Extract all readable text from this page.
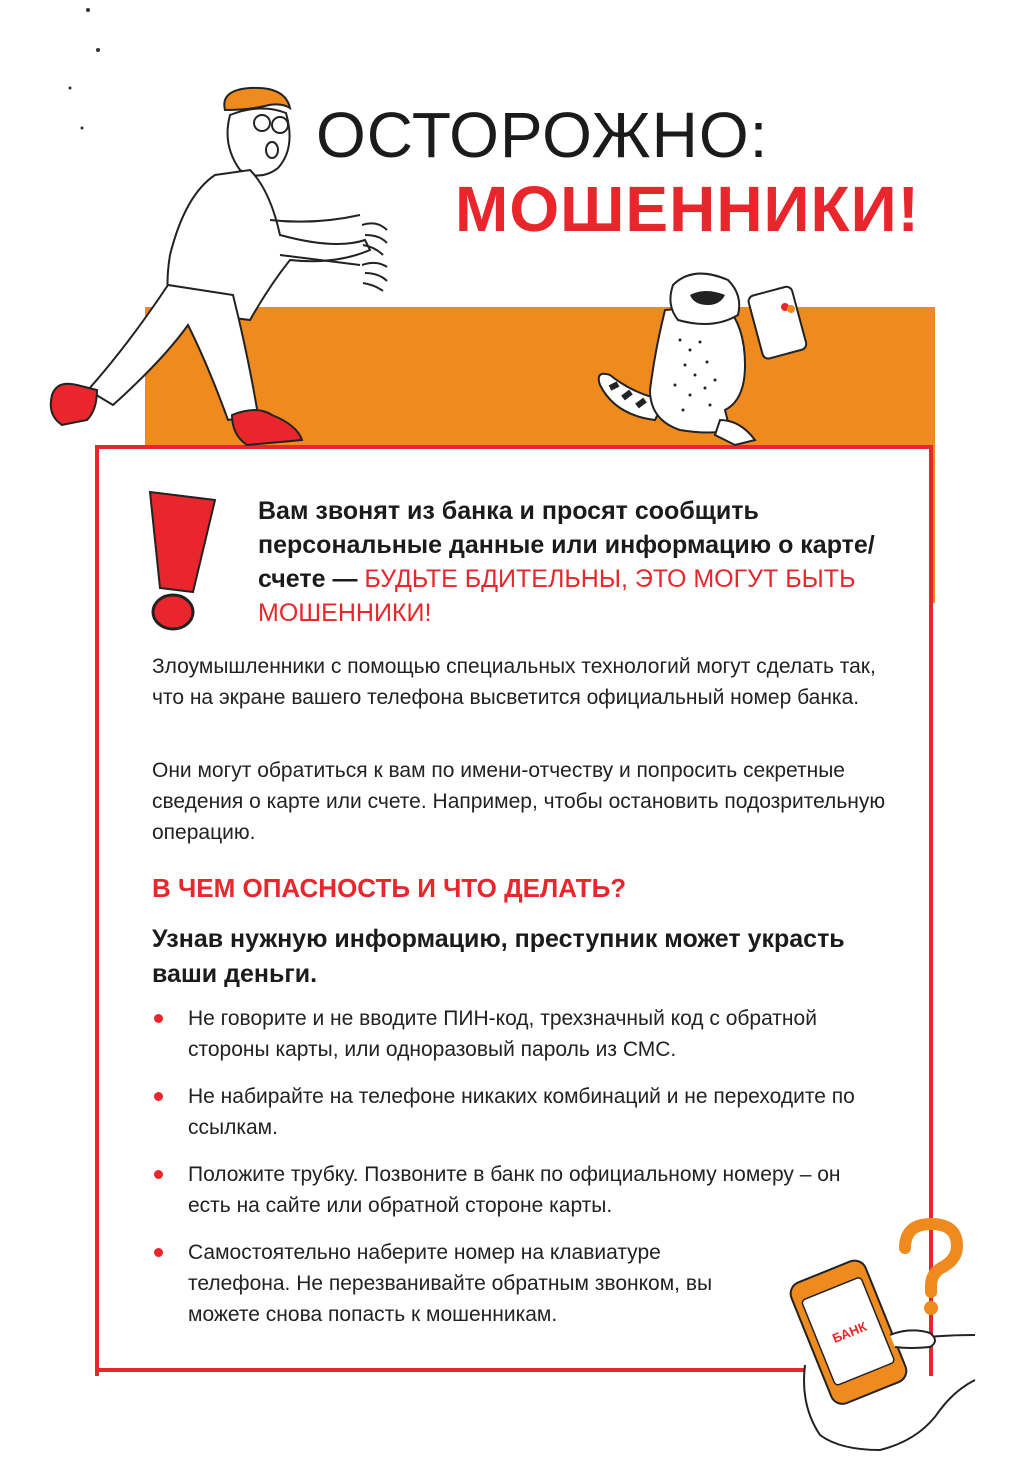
ОСТОРОЖНО:
МОШЕННИКИ!
Вам звонят из банка и просят сообщить персональные данные или информацию о карте/счете — БУДЬТЕ БДИТЕЛЬНЫ, ЭТО МОГУТ БЫТЬ МОШЕННИКИ!
Злоумышленники с помощью специальных технологий могут сделать так, что на экране вашего телефона высветится официальный номер банка.
Они могут обратиться к вам по имени-отчеству и попросить секретные сведения о карте или счете. Например, чтобы остановить подозрительную операцию.
В ЧЕМ ОПАСНОСТЬ И ЧТО ДЕЛАТЬ?
Узнав нужную информацию, преступник может украсть ваши деньги.
Не говорите и не вводите ПИН-код, трехзначный код с обратной стороны карты, или одноразовый пароль из СМС.
Не набирайте на телефоне никаких комбинаций и не переходите по ссылкам.
Положите трубку. Позвоните в банк по официальному номеру – он есть на сайте или обратной стороне карты.
Самостоятельно наберите номер на клавиатуре телефона. Не перезванивайте обратным звонком, вы можете снова попасть к мошенникам.
БАНК
